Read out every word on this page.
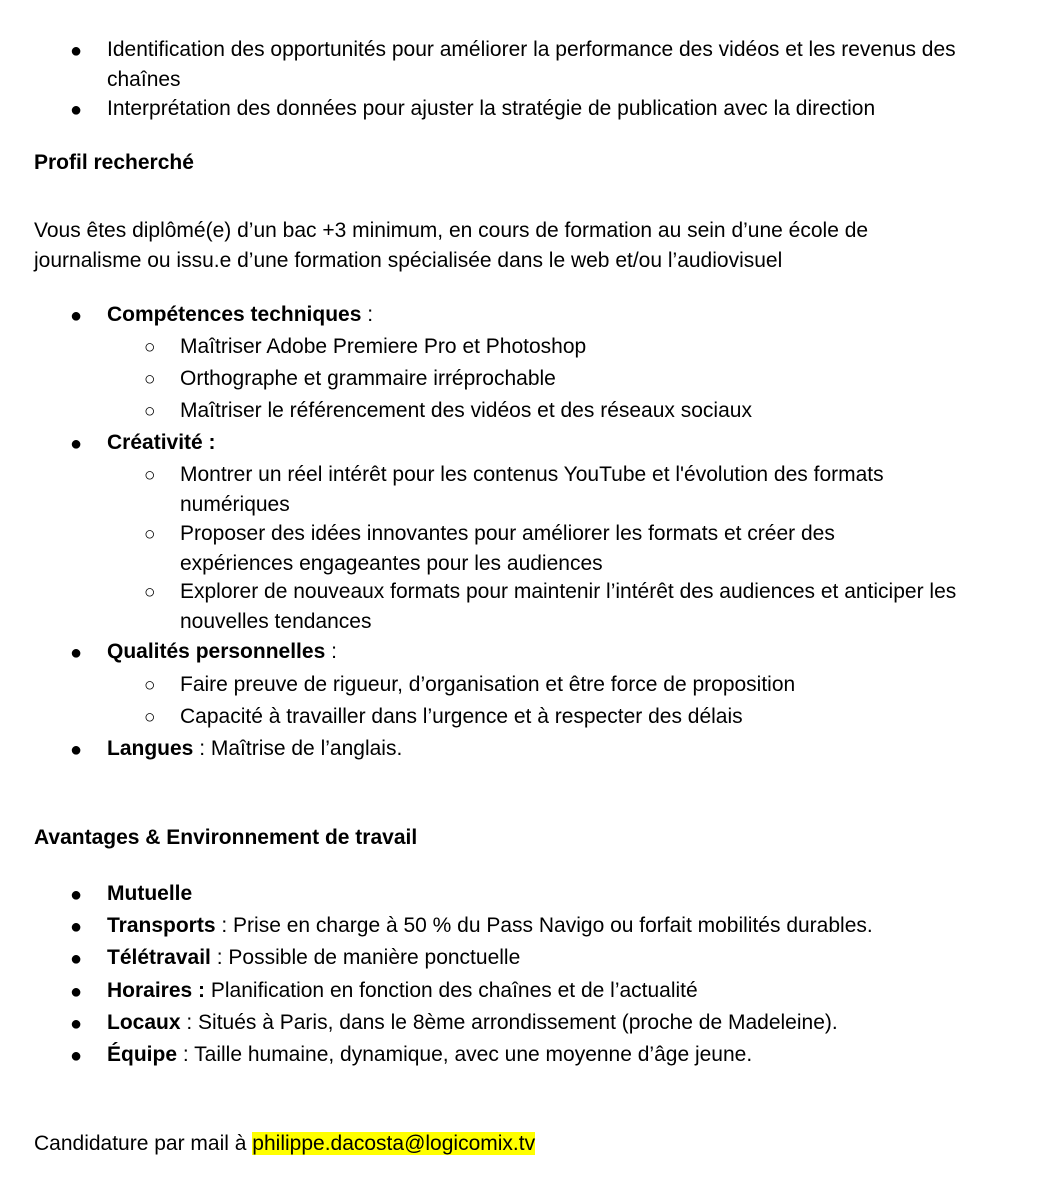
● Identification des opportunités pour améliorer la performance des vidéos et les revenus des chaînes
● Interprétation des données pour ajuster la stratégie de publication avec la direction
Profil recherché
Vous êtes diplômé(e) d’un bac +3 minimum, en cours de formation au sein d’une école de journalisme ou issu.e d’une formation spécialisée dans le web et/ou l’audiovisuel
● Compétences techniques :
○ Maîtriser Adobe Premiere Pro et Photoshop
○ Orthographe et grammaire irréprochable
○ Maîtriser le référencement des vidéos et des réseaux sociaux
● Créativité :
○ Montrer un réel intérêt pour les contenus YouTube et l'évolution des formats numériques
○ Proposer des idées innovantes pour améliorer les formats et créer des expériences engageantes pour les audiences
○ Explorer de nouveaux formats pour maintenir l’intérêt des audiences et anticiper les nouvelles tendances
● Qualités personnelles :
○ Faire preuve de rigueur, d’organisation et être force de proposition
○ Capacité à travailler dans l’urgence et à respecter des délais
● Langues : Maîtrise de l’anglais.
Avantages & Environnement de travail
● Mutuelle
● Transports : Prise en charge à 50 % du Pass Navigo ou forfait mobilités durables.
● Télétravail : Possible de manière ponctuelle
● Horaires : Planification en fonction des chaînes et de l’actualité
● Locaux : Situés à Paris, dans le 8ème arrondissement (proche de Madeleine).
● Équipe : Taille humaine, dynamique, avec une moyenne d’âge jeune.
Candidature par mail à philippe.dacosta@logicomix.tv
